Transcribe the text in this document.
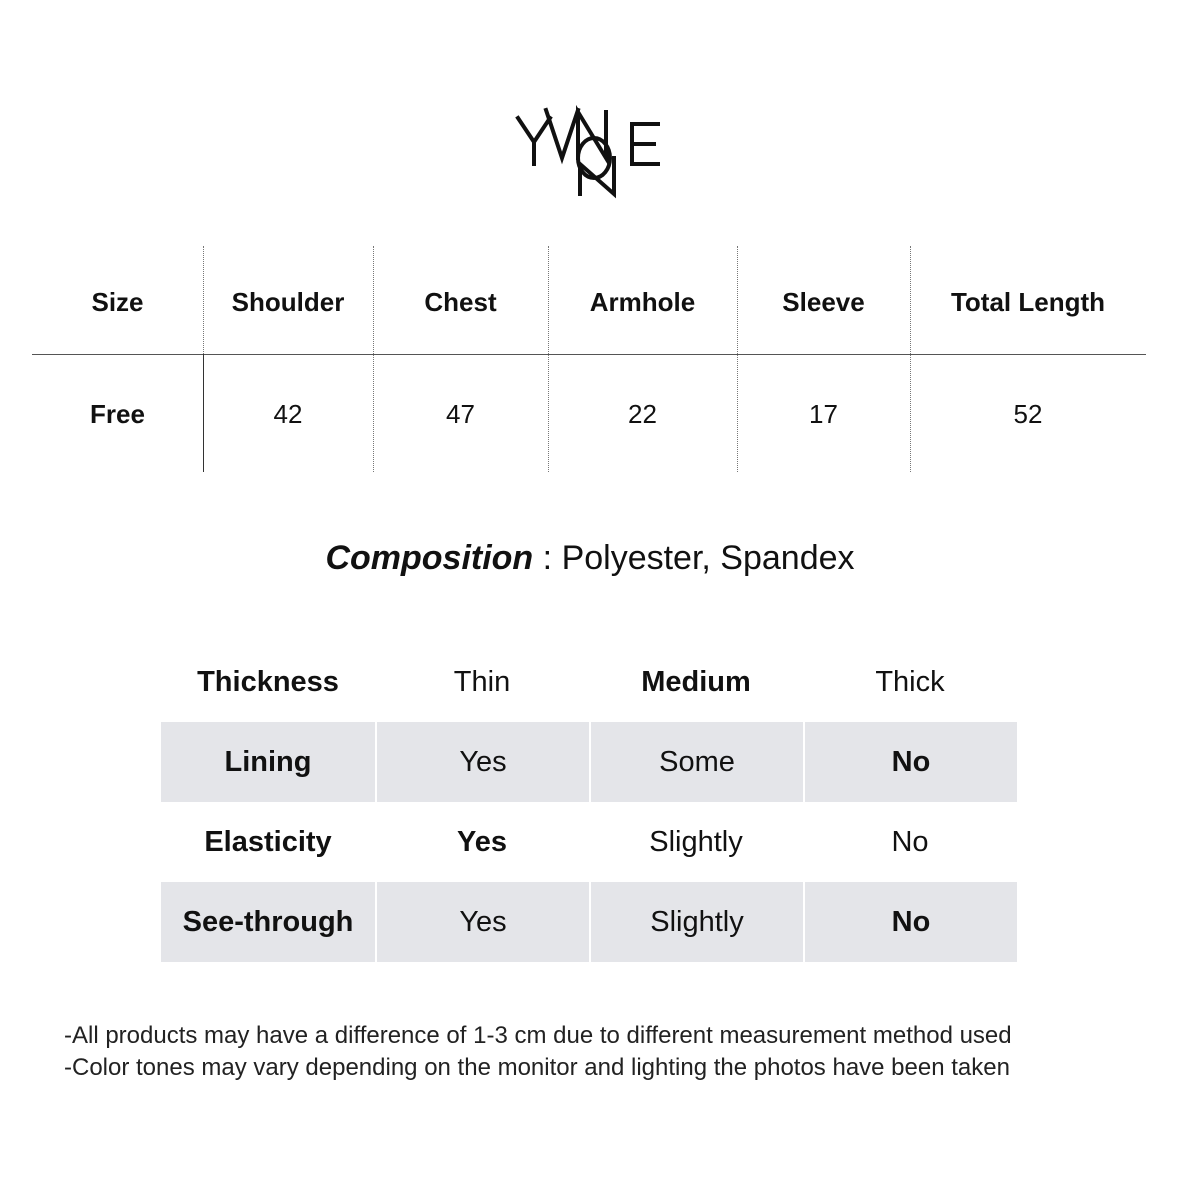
Size	Shoulder	Chest	Armhole	Sleeve	Total Length
Free	42	47	22	17	52
Composition : Polyester, Spandex
Thickness	Thin	Medium	Thick
Lining	Yes	Some	No
Elasticity	Yes	Slightly	No
See-through	Yes	Slightly	No
-All products may have a difference of 1-3 cm due to different measurement method used
-Color tones may vary depending on the monitor and lighting the photos have been taken
